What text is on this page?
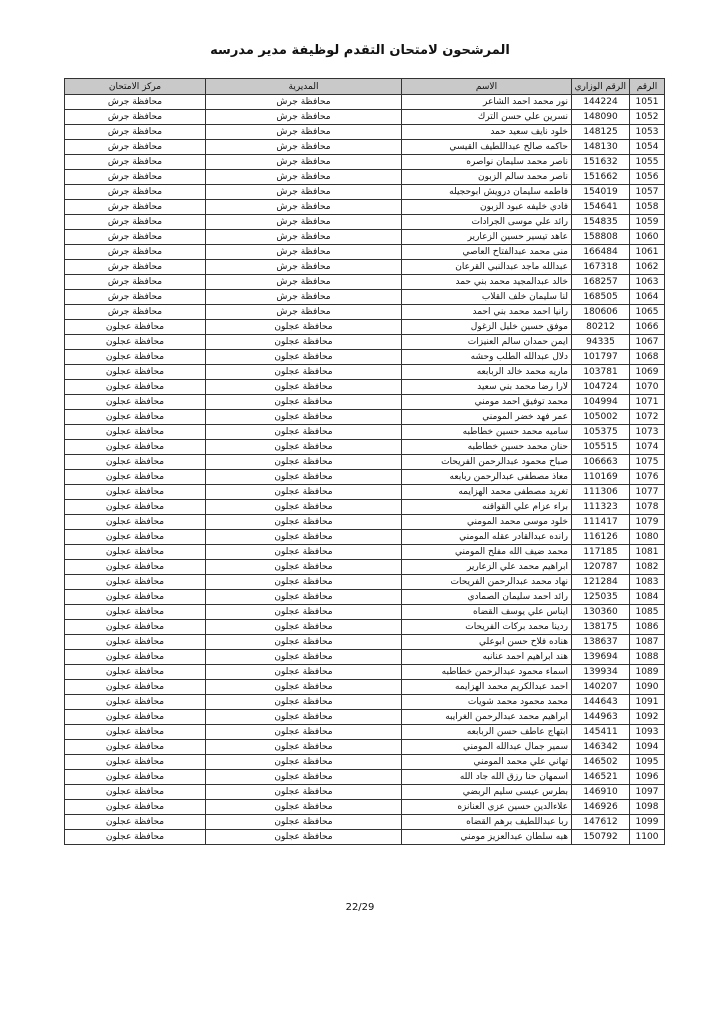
المرشحون لامتحان التقدم لوظيفة مدير مدرسه
الرقم	الرقم الوزاري	الاسم	المديرية	مركز الامتحان
1051	144224	نور محمد احمد الشاعر	محافظة جرش	محافظة جرش
1052	148090	نسرين علي حسن الترك	محافظة جرش	محافظة جرش
1053	148125	خلود نايف سعيد حمد	محافظة جرش	محافظة جرش
1054	148130	حاكمه صالح عبداللطيف القيسي	محافظة جرش	محافظة جرش
1055	151632	ناصر محمد سليمان نواصره	محافظة جرش	محافظة جرش
1056	151662	ناصر محمد سالم الزبون	محافظة جرش	محافظة جرش
1057	154019	فاطمه سليمان درويش ابوحجيله	محافظة جرش	محافظة جرش
1058	154641	فادي خليفه عبود الزبون	محافظة جرش	محافظة جرش
1059	154835	رائد علي موسى الجرادات	محافظة جرش	محافظة جرش
1060	158808	عاهد تيسير حسين الزعارير	محافظة جرش	محافظة جرش
1061	166484	منى محمد عبدالفتاح العاصي	محافظة جرش	محافظة جرش
1062	167318	عبدالله ماجد عبدالنبي القرعان	محافظة جرش	محافظة جرش
1063	168257	خالد عبدالمجيد محمد بني حمد	محافظة جرش	محافظة جرش
1064	168505	لنا سليمان خلف القلاب	محافظة جرش	محافظة جرش
1065	180606	رانيا احمد محمد بني احمد	محافظة جرش	محافظة جرش
1066	80212	موفق حسين خليل الزغول	محافظة عجلون	محافظة عجلون
1067	94335	ايمن حمدان سالم العنيزات	محافظة عجلون	محافظة عجلون
1068	101797	دلال عبدالله الطلب وحشه	محافظة عجلون	محافظة عجلون
1069	103781	ماريه محمد خالد الربابعه	محافظة عجلون	محافظة عجلون
1070	104724	لارا رضا محمد بني سعيد	محافظة عجلون	محافظة عجلون
1071	104994	محمد توفيق احمد مومني	محافظة عجلون	محافظة عجلون
1072	105002	عمر فهد خضر المومني	محافظة عجلون	محافظة عجلون
1073	105375	ساميه محمد حسين خطاطبه	محافظة عجلون	محافظة عجلون
1074	105515	حنان محمد حسين خطاطبه	محافظة عجلون	محافظة عجلون
1075	106663	صباح محمود عبدالرحمن الفريحات	محافظة عجلون	محافظة عجلون
1076	110169	معاذ مصطفى عبدالرحمن ربابعه	محافظة عجلون	محافظة عجلون
1077	111306	تغريد مصطفى محمد الهزايمه	محافظة عجلون	محافظة عجلون
1078	111323	براء عزام علي القواقنه	محافظة عجلون	محافظة عجلون
1079	111417	خلود موسى محمد المومني	محافظة عجلون	محافظة عجلون
1080	116126	رانده عبدالقادر عقله المومني	محافظة عجلون	محافظة عجلون
1081	117185	محمد ضيف الله مفلح المومني	محافظة عجلون	محافظة عجلون
1082	120787	ابراهيم محمد علي الزعارير	محافظة عجلون	محافظة عجلون
1083	121284	نهاد محمد عبدالرحمن الفريحات	محافظة عجلون	محافظة عجلون
1084	125035	رائد احمد سليمان الصمادي	محافظة عجلون	محافظة عجلون
1085	130360	ايناس علي يوسف القضاه	محافظة عجلون	محافظة عجلون
1086	138175	ردينا محمد بركات الفريحات	محافظة عجلون	محافظة عجلون
1087	138637	هناده فلاح حسن ابوعلي	محافظة عجلون	محافظة عجلون
1088	139694	هند ابراهيم احمد عنانبه	محافظة عجلون	محافظة عجلون
1089	139934	اسماء محمود عبدالرحمن خطاطبه	محافظة عجلون	محافظة عجلون
1090	140207	احمد عبدالكريم محمد الهزايمه	محافظة عجلون	محافظة عجلون
1091	144643	محمد محمود محمد شويات	محافظة عجلون	محافظة عجلون
1092	144963	ابراهيم محمد عبدالرحمن الغرايبه	محافظة عجلون	محافظة عجلون
1093	145411	ابتهاج عاطف حسن الربابعه	محافظة عجلون	محافظة عجلون
1094	146342	سمير جمال عبدالله المومني	محافظة عجلون	محافظة عجلون
1095	146502	تهاني علي محمد المومني	محافظة عجلون	محافظة عجلون
1096	146521	اسمهان حنا رزق الله جاد الله	محافظة عجلون	محافظة عجلون
1097	146910	بطرس عيسى سليم الربضي	محافظة عجلون	محافظة عجلون
1098	146926	علاءالدين حسين عزي العنانزه	محافظة عجلون	محافظة عجلون
1099	147612	ربا عبداللطيف برهم القضاه	محافظة عجلون	محافظة عجلون
1100	150792	هبه سلطان عبدالعزيز مومني	محافظة عجلون	محافظة عجلون
22/29
